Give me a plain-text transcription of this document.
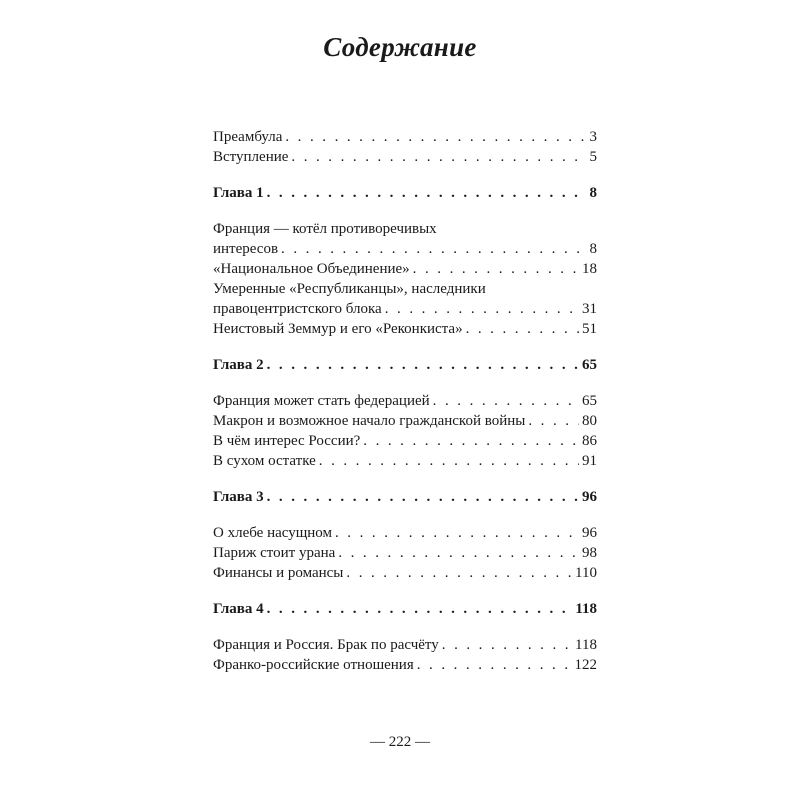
Содержание
Преамбула . . .	3
Вступление . . .	5
Глава 1 . . .	8
Франция — котёл противоречивых
интересов . . .	8
«Национальное Объединение» . . .	18
Умеренные «Республиканцы», наследники
правоцентристского блока . . .	31
Неистовый Земмур и его «Реконкиста» . . .	51
Глава 2 . . .	65
Франция может стать федерацией . . .	65
Макрон и возможное начало гражданской войны . . .	80
В чём интерес России? . . .	86
В сухом остатке . . .	91
Глава 3 . . .	96
О хлебе насущном . . .	96
Париж стоит урана . . .	98
Финансы и романсы . . .	110
Глава 4 . . .	118
Франция и Россия. Брак по расчёту . . .	118
Франко-российские отношения . . .	122
— 222 —
